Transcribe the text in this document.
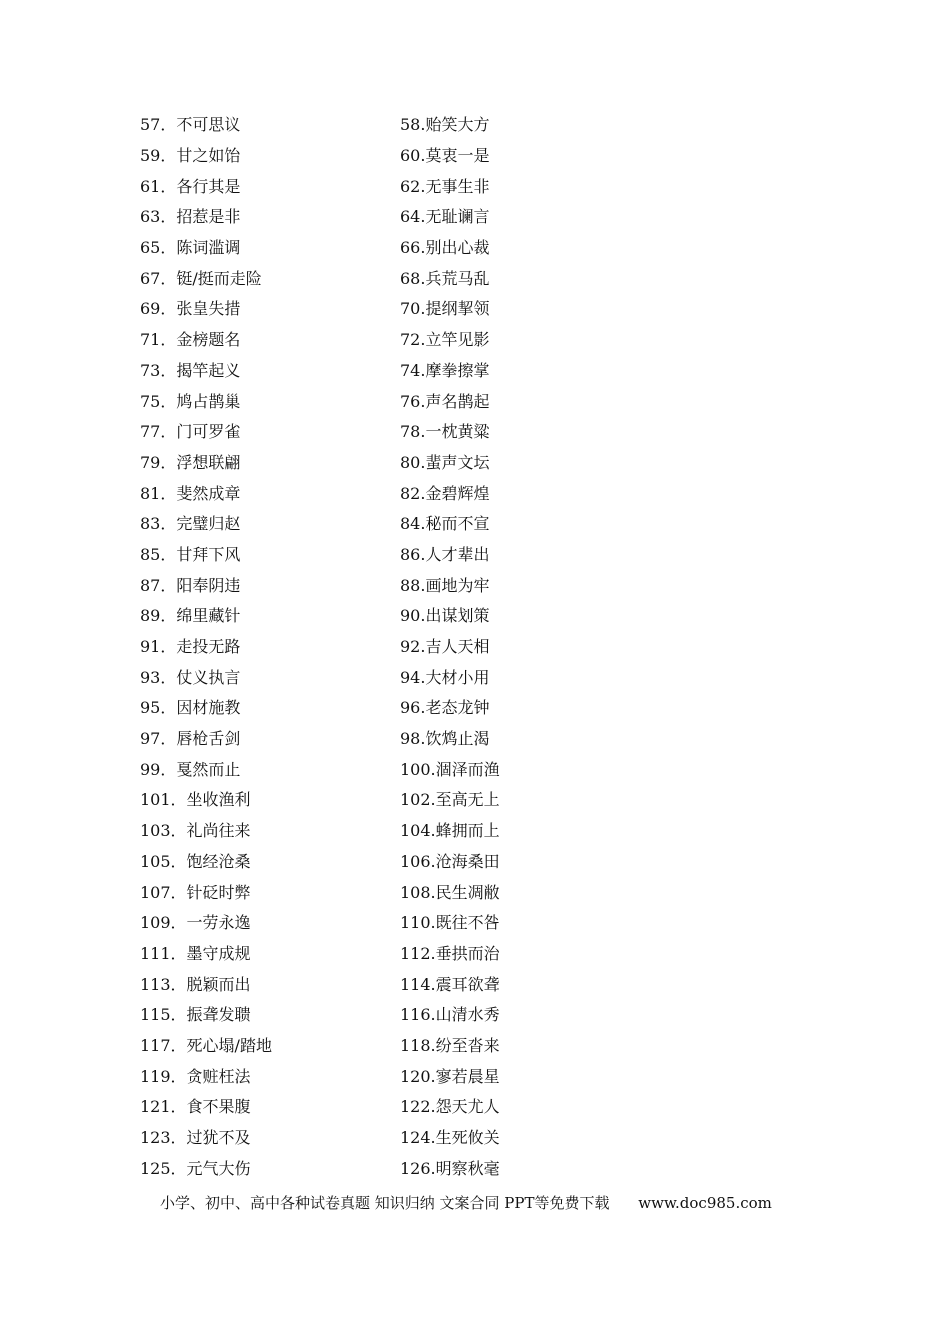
57．不可思议	58.贻笑大方
59．甘之如饴	60.莫衷一是
61．各行其是	62.无事生非
63．招惹是非	64.无耻谰言
65．陈词滥调	66.别出心裁
67．铤/挺而走险	68.兵荒马乱
69．张皇失措	70.提纲挈领
71．金榜题名	72.立竿见影
73．揭竿起义	74.摩拳擦掌
75．鸠占鹊巢	76.声名鹊起
77．门可罗雀	78.一枕黄粱
79．浮想联翩	80.蜚声文坛
81．斐然成章	82.金碧辉煌
83．完璧归赵	84.秘而不宣
85．甘拜下风	86.人才辈出
87．阳奉阴违	88.画地为牢
89．绵里藏针	90.出谋划策
91．走投无路	92.吉人天相
93．仗义执言	94.大材小用
95．因材施教	96.老态龙钟
97．唇枪舌剑	98.饮鸩止渴
99．戛然而止	100.涸泽而渔
101．坐收渔利	102.至高无上
103．礼尚往来	104.蜂拥而上
105．饱经沧桑	106.沧海桑田
107．针砭时弊	108.民生凋敝
109．一劳永逸	110.既往不咎
111．墨守成规	112.垂拱而治
113．脱颖而出	114.震耳欲聋
115．振聋发聩	116.山清水秀
117．死心塌/踏地	118.纷至沓来
119．贪赃枉法	120.寥若晨星
121．食不果腹	122.怨天尤人
123．过犹不及	124.生死攸关
125．元气大伤	126.明察秋毫
小学、初中、高中各种试卷真题 知识归纳 文案合同 PPT等免费下载 www.doc985.com
